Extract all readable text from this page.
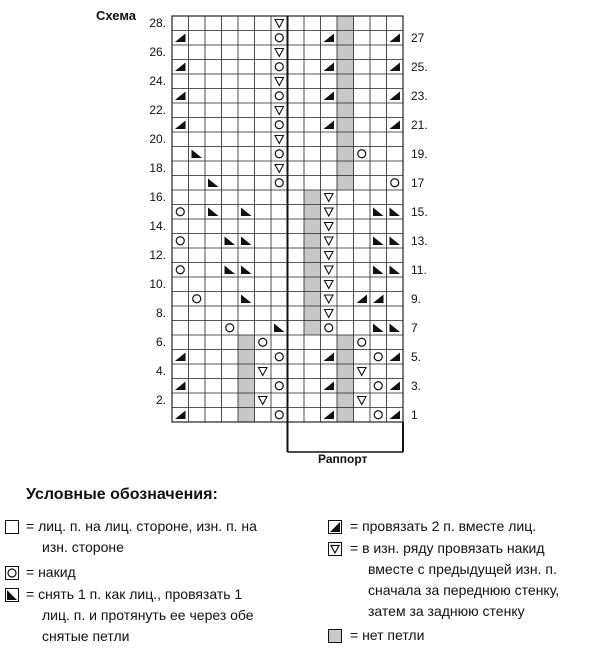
Схема	28.
26.
24.
22.
20.
18.
16.
14.
12.
10.
8.
6.
4.
2.
27
25.
23.
21.
19.
17
15.
13.
11.
9.
7
5.
3.
1
Раппорт
Условные обозначения:
= лиц. п. на лиц. стороне, изн. п. на
изн. стороне
= накид
= снять 1 п. как лиц., провязать 1
лиц. п. и протянуть ее через обе
снятые петли
= провязать 2 п. вместе лиц.
= в изн. ряду провязать накид
вместе с предыдущей изн. п.
сначала за переднюю стенку,
затем за заднюю стенку
= нет петли
